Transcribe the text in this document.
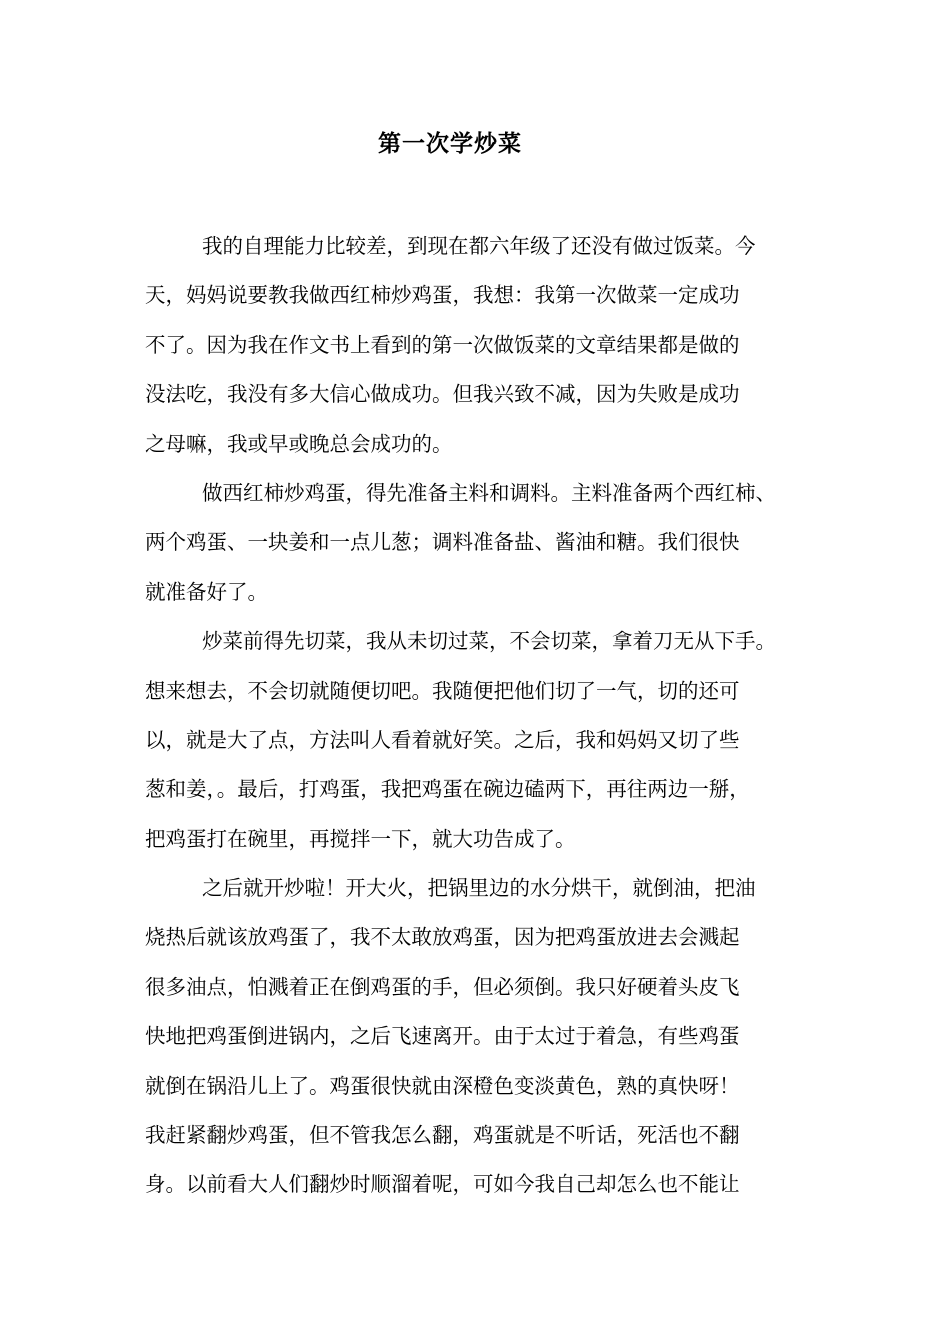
第一次学炒菜
我的自理能力比较差，到现在都六年级了还没有做过饭菜。今
天，妈妈说要教我做西红柿炒鸡蛋，我想：我第一次做菜一定成功
不了。因为我在作文书上看到的第一次做饭菜的文章结果都是做的
没法吃，我没有多大信心做成功。但我兴致不减，因为失败是成功
之母嘛，我或早或晚总会成功的。
做西红柿炒鸡蛋，得先准备主料和调料。主料准备两个西红柿、
两个鸡蛋、一块姜和一点儿葱；调料准备盐、酱油和糖。我们很快
就准备好了。
炒菜前得先切菜，我从未切过菜，不会切菜，拿着刀无从下手。
想来想去，不会切就随便切吧。我随便把他们切了一气，切的还可
以，就是大了点，方法叫人看着就好笑。之后，我和妈妈又切了些
葱和姜，。最后，打鸡蛋，我把鸡蛋在碗边磕两下，再往两边一掰，
把鸡蛋打在碗里，再搅拌一下，就大功告成了。
之后就开炒啦！开大火，把锅里边的水分烘干，就倒油，把油
烧热后就该放鸡蛋了，我不太敢放鸡蛋，因为把鸡蛋放进去会溅起
很多油点，怕溅着正在倒鸡蛋的手，但必须倒。我只好硬着头皮飞
快地把鸡蛋倒进锅内，之后飞速离开。由于太过于着急，有些鸡蛋
就倒在锅沿儿上了。鸡蛋很快就由深橙色变淡黄色，熟的真快呀！
我赶紧翻炒鸡蛋，但不管我怎么翻，鸡蛋就是不听话，死活也不翻
身。以前看大人们翻炒时顺溜着呢，可如今我自己却怎么也不能让
